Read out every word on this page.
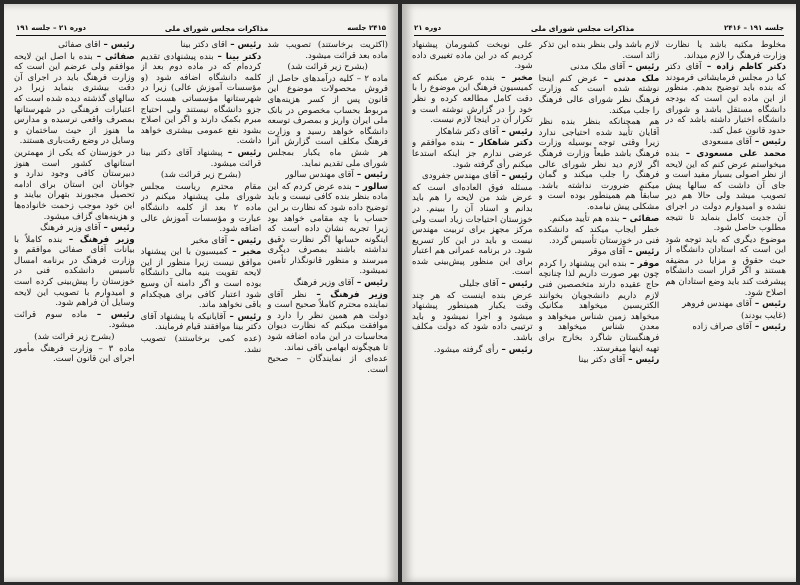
۲۴۱۵ جلسه
مذاکرات مجلس شورای ملی
دوره ۲۱ – جلسه ۱۹۱

(اکثریت برخاستند) تصویب شد ماده بعد قرائت میشود.

(بشرح زیر قرائت شد)

ماده ۲ – کلیه درآمدهای حاصل از فروش محصولات موضوع این قانون پس از کسر هزینه‌های مربوط بحساب مخصوص در بانک ملی ایران واریز و بمصرف توسعه دانشگاه خواهد رسید و وزارت فرهنگ مکلف است گزارش آنرا هر شش ماه یکبار بمجلس شورای ملی تقدیم نماید.

رئیس – آقای مهندس سالور

سالور – بنده عرض کردم که این ماده بنظر بنده کافی نیست و باید توضیح داده شود که نظارت بر این حساب با چه مقامی خواهد بود زیرا تجربه نشان داده است که اینگونه حسابها اگر نظارت دقیق نداشته باشند بمصرف دیگری میرسند و منظور قانونگذار تأمین نمیشود.

رئیس – آقای وزیر فرهنگ

وزیر فرهنگ – نظر آقای نماینده محترم کاملاً صحیح است و دولت هم همین نظر را دارد و موافقت میکنم که نظارت دیوان محاسبات در این ماده اضافه شود تا هیچگونه ابهامی باقی نماند.

عده‌ای از نمایندگان – صحیح است.

رئیس – آقای دکتر بینا

دکتر بینا – بنده پیشنهادی تقدیم کرده‌ام که در ماده دوم بعد از کلمه دانشگاه اضافه شود (و مؤسسات آموزش عالی) زیرا در شهرستانها مؤسساتی هست که جزو دانشگاه نیستند ولی احتیاج مبرم بکمک دارند و اگر این اصلاح بشود نفع عمومی بیشتری خواهد داشت.

رئیس – پیشنهاد آقای دکتر بینا قرائت میشود.

(بشرح زیر قرائت شد)

مقام محترم ریاست مجلس شورای ملی پیشنهاد میکنم در ماده ۲ بعد از کلمه دانشگاه عبارت و مؤسسات آموزش عالی اضافه شود.

رئیس – آقای مخبر

مخبر – کمیسیون با این پیشنهاد موافق نیست زیرا منظور از این لایحه تقویت بنیه مالی دانشگاه بوده است و اگر دامنه آن وسیع شود اعتبار کافی برای هیچکدام باقی نخواهد ماند.

رئیس – آقایانیکه با پیشنهاد آقای دکتر بینا موافقند قیام فرمایند.

(عده کمی برخاستند) تصویب نشد.

رئیس – آقای صفائی

صفائی – بنده با اصل این لایحه موافقم ولی عرضم این است که وزارت فرهنگ باید در اجرای آن دقت بیشتری بنماید زیرا در سالهای گذشته دیده شده است که اعتبارات فرهنگی در شهرستانها بمصرف واقعی نرسیده و مدارس ما هنوز از حیث ساختمان و وسایل در وضع رقت‌باری هستند.

در خوزستان که یکی از مهمترین استانهای کشور است هنوز دبیرستان کافی وجود ندارد و جوانان این استان برای ادامه تحصیل مجبورند بتهران بیایند و این خود موجب زحمت خانواده‌ها و هزینه‌های گزاف میشود.

رئیس – آقای وزیر فرهنگ

وزیر فرهنگ – بنده کاملاً با بیانات آقای صفائی موافقم و وزارت فرهنگ در برنامه امسال تأسیس دانشکده فنی در خوزستان را پیش‌بینی کرده است و امیدوارم با تصویب این لایحه وسایل آن فراهم شود.

رئیس – ماده سوم قرائت میشود.

(بشرح زیر قرائت شد)

ماده ۳ – وزارت فرهنگ مأمور اجرای این قانون است.

جلسه ۱۹۱ – ۲۴۱۶
مذاکرات مجلس شورای ملی
دوره ۲۱

مخلوط مکتبه باشد یا نظارت وزارت فرهنگ را لازم میداند.

دکتر کاظم زاده – آقای دکتر کیا در مجلس فرمایشاتی فرمودند که بنده باید توضیح بدهم. منظور از این ماده این است که بودجه دانشگاه مستقل باشد و شورای دانشگاه اختیار داشته باشد که در حدود قانون عمل کند.

رئیس – آقای مسعودی

محمد علی مسعودی – بنده میخواستم عرض کنم که این لایحه از نظر اصولی بسیار مفید است و جای آن داشت که سالها پیش تصویب میشد ولی حالا هم دیر نشده و امیدوارم دولت در اجرای آن جدیت کامل بنماید تا نتیجه مطلوب حاصل شود.

موضوع دیگری که باید توجه شود این است که استادان دانشگاه از حیث حقوق و مزایا در مضیقه هستند و اگر قرار است دانشگاه پیشرفت کند باید وضع استادان هم اصلاح شود.

رئیس – آقای مهندس فروهر

(غایب بودند)

رئیس – آقای صراف زاده

لازم باشد ولی بنظر بنده این تذکر زائد است.

رئیس – آقای ملک مدنی

ملک مدنی – عرض کنم اینجا نوشته شده است که وزارت فرهنگ نظر شورای عالی فرهنگ را جلب میکند.

هم همچنانکه بنظر بنده نظر آقایان تأیید شده احتیاجی ندارد زیرا وقتی توجه بوسیله وزارت فرهنگ باشد طبعاً وزارت فرهنگ اگر لازم دید نظر شورای عالی فرهنگ را جلب میکند و گمان میکنم ضرورت نداشته باشد. سابقاً هم همینطور بوده است و مشکلی پیش نیامده.

صفائی – بنده هم تأیید میکنم.

خطر ایجاب میکند که دانشکده فنی در خوزستان تأسیس گردد.

رئیس – آقای موقر

موقر – بنده این پیشنهاد را کردم چون بهر صورت داریم لذا چنانچه حاج عقیده دارند متخصصین فنی لازم داریم دانشجویان بخوانند الکتریسین میخواهد مکانیک میخواهد زمین شناس میخواهد و معدن شناس میخواهد و فرهنگستان شاگرد بخارج برای تهیه اینها میفرستد.

رئیس – آقای دکتر بینا

علی نوبخت کشورمان پیشنهاد کردیم که در این ماده تغییری داده شود.

مخبر – بنده عرض میکنم که کمیسیون فرهنگ این موضوع را با دقت کامل مطالعه کرده و نظر خود را در گزارش نوشته است و تکرار آن در اینجا لازم نیست.

رئیس – آقای دکتر شاهکار

دکتر شاهکار – بنده موافقم و عرضی ندارم جز اینکه استدعا میکنم رأی گرفته شود.

رئیس – آقای مهندس جفرودی

مسئله فوق العاده‌ای است که عرض شد من لایحه را هم باید بدانم و اسناد آن را ببینم. در خوزستان احتیاجات زیاد است ولی مرکز مجهز برای تربیت مهندس نیست و باید در این کار تسریع شود. در برنامه عمرانی هم اعتبار برای این منظور پیش‌بینی شده است.

رئیس – آقای جلیلی

عرض بنده اینست که هر چند وقت یکبار همینطور پیشنهاد میشود و اجرا نمیشود و باید ترتیبی داده شود که دولت مکلف باشد.

رئیس – رأی گرفته میشود.
